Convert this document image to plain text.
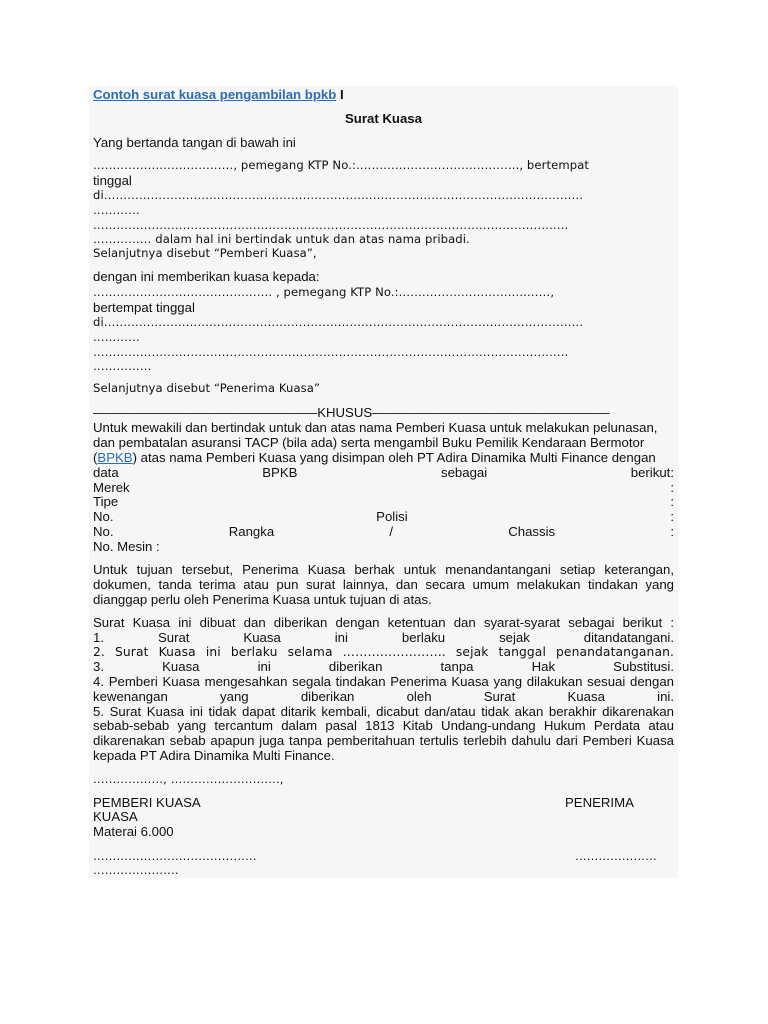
Contoh surat kuasa pengambilan bpkb I

Surat Kuasa

Yang bertanda tangan di bawah ini

………………………………, pemegang KTP No.:.………………………………….., bertempat

tinggal

di……………………………………………………………………………………………………………

…………

…………………………………………………………………………………………………………..

…………… dalam hal ini bertindak untuk dan atas nama pribadi.

Selanjutnya disebut “Pemberi Kuasa”,

dengan ini memberikan kuasa kepada:

………………………………………. , pemegang KTP No.:.…………………………..……,

bertempat tinggal

di……………………………………………………………………………………………………………

…………

…………………………………………………………………………………………………………..

……………

Selanjutnya disebut “Penerima Kuasa”

—————————————————KHUSUS——————————————————

Untuk mewakili dan bertindak untuk dan atas nama Pemberi Kuasa untuk melakukan pelunasan,

dan pembatalan asuransi TACP (bila ada) serta mengambil Buku Pemilik Kendaraan Bermotor

(BPKB) atas nama Pemberi Kuasa yang disimpan oleh PT Adira Dinamika Multi Finance dengan

data	BPKB	sebagai	berikut:
Merek	:
Tipe	:
No.	Polisi	:
No.	Rangka	/	Chassis	:

No. Mesin :

Untuk tujuan tersebut, Penerima Kuasa berhak untuk menandantangani setiap keterangan,

dokumen, tanda terima atau pun surat lainnya, dan secara umum melakukan tindakan yang

dianggap perlu oleh Penerima Kuasa untuk tujuan di atas.

Surat Kuasa ini dibuat dan diberikan dengan ketentuan dan syarat-syarat sebagai berikut :

1. Surat Kuasa ini berlaku sejak ditandatangani.

2. Surat Kuasa ini berlaku selama ……………………. sejak tanggal penandatanganan.

3. Kuasa ini diberikan tanpa Hak Substitusi.

4. Pemberi Kuasa mengesahkan segala tindakan Penerima Kuasa yang dilakukan sesuai dengan

kewenangan yang diberikan oleh Surat Kuasa ini.

5. Surat Kuasa ini tidak dapat ditarik kembali, dicabut dan/atau tidak akan berakhir dikarenakan

sebab-sebab yang tercantum dalam pasal 1813 Kitab Undang-undang Hukum Perdata atau

dikarenakan sebab apapun juga tanpa pemberitahuan tertulis terlebih dahulu dari Pemberi Kuasa

kepada PT Adira Dinamika Multi Finance.

………………, ……………………….,

PEMBERI KUASA	PENERIMA

KUASA

Materai 6.000

……………………………………	…………………

………………….
